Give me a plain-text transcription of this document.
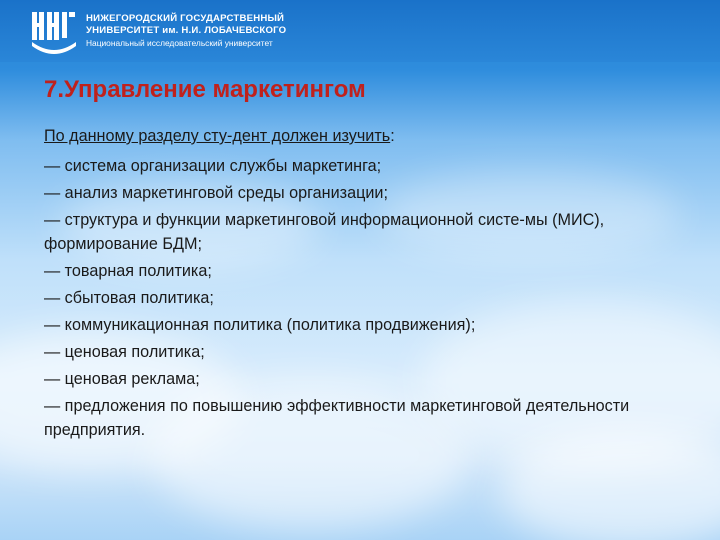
НИЖЕГОРОДСКИЙ ГОСУДАРСТВЕННЫЙ
УНИВЕРСИТЕТ им. Н.И. ЛОБАЧЕВСКОГО
Национальный исследовательский университет
7.Управление маркетингом

По данному разделу сту-дент должен изучить:

— система организации службы маркетинга;
— анализ маркетинговой среды организации;
— структура и функции маркетинговой информационной систе-мы (МИС), формирование БДМ;
— товарная политика;
— сбытовая политика;
— коммуникационная политика (политика продвижения);
— ценовая политика;
— ценовая реклама;
— предложения по повышению эффективности маркетинговой деятельности предприятия.
